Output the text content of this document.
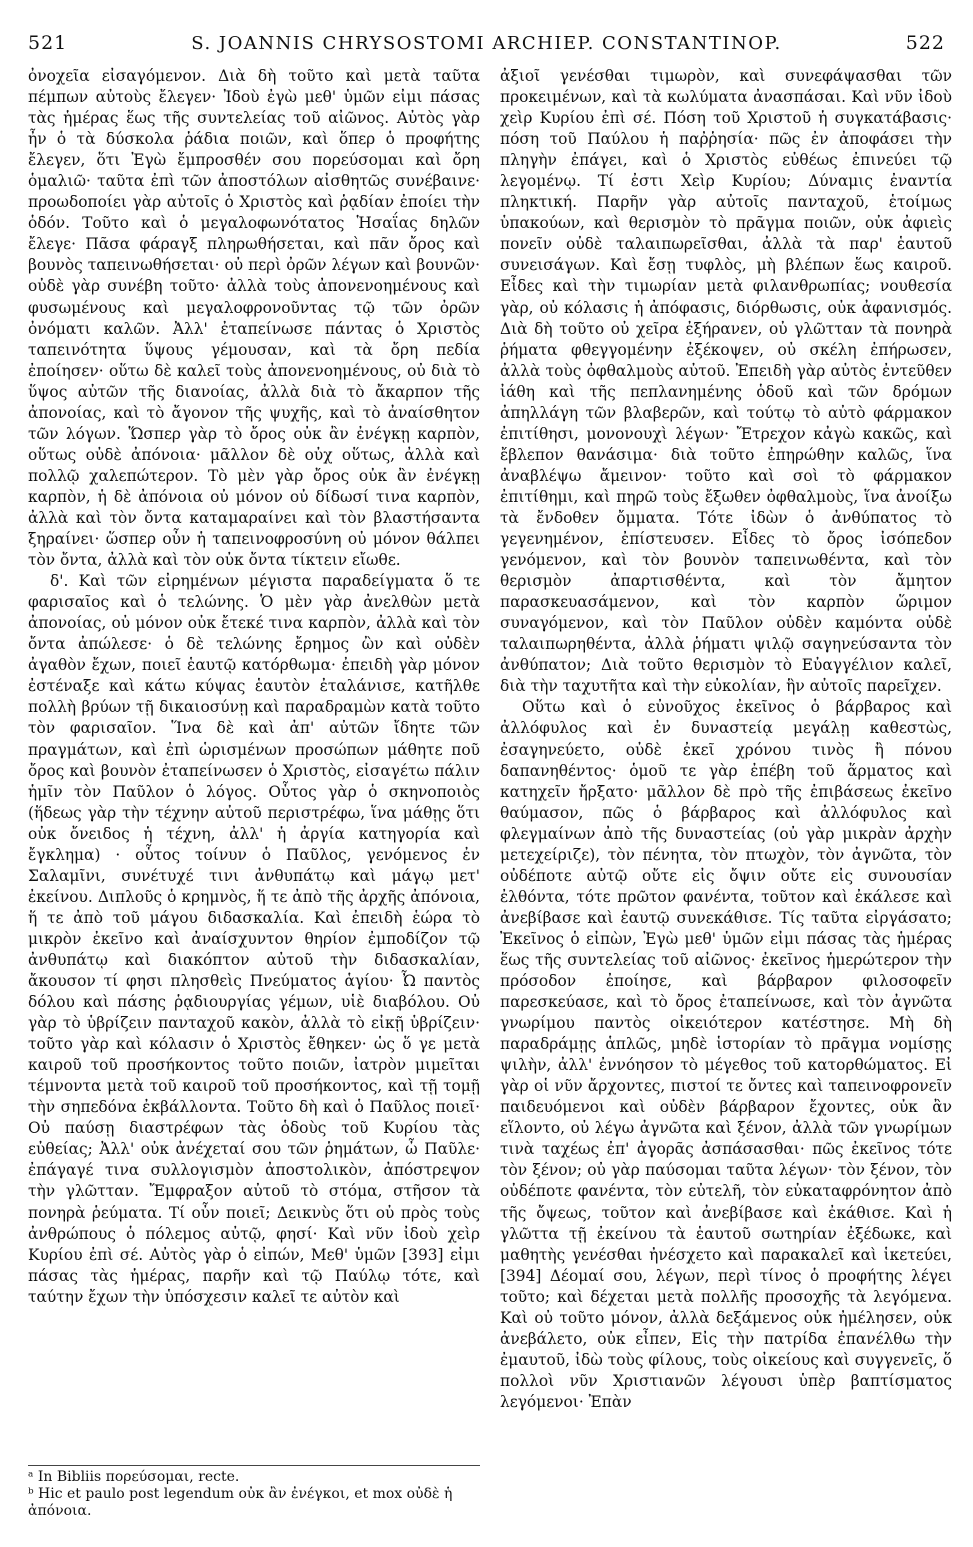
521	S. JOANNIS CHRYSOSTOMI ARCHIEP. CONSTANTINOP.	522

ὀνοχεῖα εἰσαγόμενον. Διὰ δὴ τοῦτο καὶ μετὰ ταῦτα πέμπων αὐτοὺς ἔλεγεν· Ἰδοὺ ἐγὼ μεθ' ὑμῶν εἰμι πάσας τὰς ἡμέρας ἕως τῆς συντελείας τοῦ αἰῶνος. Αὐτὸς γὰρ ἦν ὁ τὰ δύσκολα ῥάδια ποιῶν, καὶ ὅπερ ὁ προφήτης ἔλεγεν, ὅτι Ἐγὼ ἔμπροσθέν σου πορεύσομαι καὶ ὄρη ὁμαλιῶ· ταῦτα ἐπὶ τῶν ἀποστόλων αἰσθητῶς συνέβαινε· προωδοποίει γὰρ αὐτοῖς ὁ Χριστὸς καὶ ῥᾳδίαν ἐποίει τὴν ὁδόν. Τοῦτο καὶ ὁ μεγαλοφωνότατος Ἡσαΐας δηλῶν ἔλεγε· Πᾶσα φάραγξ πληρωθήσεται, καὶ πᾶν ὄρος καὶ βουνὸς ταπεινωθήσεται· οὐ περὶ ὀρῶν λέγων καὶ βουνῶν· οὐδὲ γὰρ συνέβη τοῦτο· ἀλλὰ τοὺς ἀπονενοημένους καὶ φυσωμένους καὶ μεγαλοφρονοῦντας τῷ τῶν ὀρῶν ὀνόματι καλῶν. Ἀλλ' ἐταπείνωσε πάντας ὁ Χριστὸς ταπεινότητα ὕψους γέμουσαν, καὶ τὰ ὄρη πεδία ἐποίησεν· οὕτω δὲ καλεῖ τοὺς ἀπονενοημένους, οὐ διὰ τὸ ὕψος αὐτῶν τῆς διανοίας, ἀλλὰ διὰ τὸ ἄκαρπον τῆς ἀπονοίας, καὶ τὸ ἄγονον τῆς ψυχῆς, καὶ τὸ ἀναίσθητον τῶν λόγων. Ὥσπερ γὰρ τὸ ὄρος οὐκ ἂν ἐνέγκῃ καρπὸν, οὕτως οὐδὲ ἀπόνοια· μᾶλλον δὲ οὐχ οὕτως, ἀλλὰ καὶ πολλῷ χαλεπώτερον. Τὸ μὲν γὰρ ὄρος οὐκ ἂν ἐνέγκῃ καρπὸν, ἡ δὲ ἀπόνοια οὐ μόνον οὐ δίδωσί τινα καρπὸν, ἀλλὰ καὶ τὸν ὄντα καταμαραίνει καὶ τὸν βλαστήσαντα ξηραίνει· ὥσπερ οὖν ἡ ταπεινοφροσύνη οὐ μόνον θάλπει τὸν ὄντα, ἀλλὰ καὶ τὸν οὐκ ὄντα τίκτειν εἴωθε.

δ'. Καὶ τῶν εἰρημένων μέγιστα παραδείγματα ὅ τε φαρισαῖος καὶ ὁ τελώνης. Ὁ μὲν γὰρ ἀνελθὼν μετὰ ἀπονοίας, οὐ μόνον οὐκ ἔτεκέ τινα καρπὸν, ἀλλὰ καὶ τὸν ὄντα ἀπώλεσε· ὁ δὲ τελώνης ἔρημος ὢν καὶ οὐδὲν ἀγαθὸν ἔχων, ποιεῖ ἑαυτῷ κατόρθωμα· ἐπειδὴ γὰρ μόνον ἐστέναξε καὶ κάτω κύψας ἑαυτὸν ἐταλάνισε, κατῆλθε πολλὴ βρύων τῇ δικαιοσύνῃ καὶ παραδραμὼν κατὰ τοῦτο τὸν φαρισαῖον. Ἵνα δὲ καὶ ἀπ' αὐτῶν ἴδητε τῶν πραγμάτων, καὶ ἐπὶ ὡρισμένων προσώπων μάθητε ποῦ ὄρος καὶ βουνὸν ἐταπείνωσεν ὁ Χριστὸς, εἰσαγέτω πάλιν ἡμῖν τὸν Παῦλον ὁ λόγος. Οὗτος γὰρ ὁ σκηνοποιὸς (ἥδεως γὰρ τὴν τέχνην αὐτοῦ περιστρέφω, ἵνα μάθῃς ὅτι οὐκ ὄνειδος ἡ τέχνη, ἀλλ' ἡ ἀργία κατηγορία καὶ ἔγκλημα) · οὗτος τοίνυν ὁ Παῦλος, γενόμενος ἐν Σαλαμῖνι, συνέτυχέ τινι ἀνθυπάτῳ καὶ μάγῳ μετ' ἐκείνου. Διπλοῦς ὁ κρημνὸς, ἥ τε ἀπὸ τῆς ἀρχῆς ἀπόνοια, ἥ τε ἀπὸ τοῦ μάγου διδασκαλία. Καὶ ἐπειδὴ ἑώρα τὸ μικρὸν ἐκεῖνο καὶ ἀναίσχυντον θηρίον ἐμποδίζον τῷ ἀνθυπάτῳ καὶ διακόπτον αὐτοῦ τὴν διδασκαλίαν, ἄκουσον τί φησι πλησθεὶς Πνεύματος ἁγίου· Ὦ παντὸς δόλου καὶ πάσης ῥᾳδιουργίας γέμων, υἱὲ διαβόλου. Οὐ γὰρ τὸ ὑβρίζειν πανταχοῦ κακὸν, ἀλλὰ τὸ εἰκῇ ὑβρίζειν· τοῦτο γὰρ καὶ κόλασιν ὁ Χριστὸς ἔθηκεν· ὡς ὅ γε μετὰ καιροῦ τοῦ προσήκοντος τοῦτο ποιῶν, ἰατρὸν μιμεῖται τέμνοντα μετὰ τοῦ καιροῦ τοῦ προσήκοντος, καὶ τῇ τομῇ τὴν σηπεδόνα ἐκβάλλοντα. Τοῦτο δὴ καὶ ὁ Παῦλος ποιεῖ· Οὐ παύσῃ διαστρέφων τὰς ὁδοὺς τοῦ Κυρίου τὰς εὐθείας; Ἀλλ' οὐκ ἀνέχεταί σου τῶν ῥημάτων, ὦ Παῦλε· ἐπάγαγέ τινα συλλογισμὸν ἀποστολικὸν, ἀπόστρεψον τὴν γλῶτταν. Ἔμφραξον αὐτοῦ τὸ στόμα, στῆσον τὰ πονηρὰ ῥεύματα. Τί οὖν ποιεῖ; Δεικνὺς ὅτι οὐ πρὸς τοὺς ἀνθρώπους ὁ πόλεμος αὐτῷ, φησί· Καὶ νῦν ἰδοὺ χεὶρ Κυρίου ἐπὶ σέ. Αὐτὸς γὰρ ὁ εἰπών, Μεθ' ὑμῶν [393] εἰμι πάσας τὰς ἡμέρας, παρῆν καὶ τῷ Παύλῳ τότε, καὶ ταύτην ἔχων τὴν ὑπόσχεσιν καλεῖ τε αὐτὸν καὶ

ἀξιοῖ γενέσθαι τιμωρὸν, καὶ συνεφάψασθαι τῶν προκειμένων, καὶ τὰ κωλύματα ἀνασπάσαι. Καὶ νῦν ἰδοὺ χεὶρ Κυρίου ἐπὶ σέ. Πόση τοῦ Χριστοῦ ἡ συγκατάβασις· πόση τοῦ Παύλου ἡ παῤῥησία· πῶς ἐν ἀποφάσει τὴν πληγὴν ἐπάγει, καὶ ὁ Χριστὸς εὐθέως ἐπινεύει τῷ λεγομένῳ. Τί ἐστι Χεὶρ Κυρίου; Δύναμις ἐναντία πληκτική. Παρῆν γὰρ αὐτοῖς πανταχοῦ, ἑτοίμως ὑπακούων, καὶ θερισμὸν τὸ πρᾶγμα ποιῶν, οὐκ ἀφιεὶς πονεῖν οὐδὲ ταλαιπωρεῖσθαι, ἀλλὰ τὰ παρ' ἑαυτοῦ συνεισάγων. Καὶ ἔσῃ τυφλὸς, μὴ βλέπων ἕως καιροῦ. Εἶδες καὶ τὴν τιμωρίαν μετὰ φιλανθρωπίας; νουθεσία γὰρ, οὐ κόλασις ἡ ἀπόφασις, διόρθωσις, οὐκ ἀφανισμός. Διὰ δὴ τοῦτο οὐ χεῖρα ἐξήρανεν, οὐ γλῶτταν τὰ πονηρὰ ῥήματα φθεγγομένην ἐξέκοψεν, οὐ σκέλη ἐπήρωσεν, ἀλλὰ τοὺς ὀφθαλμοὺς αὐτοῦ. Ἐπειδὴ γὰρ αὐτὸς ἐντεῦθεν ἰάθη καὶ τῆς πεπλανημένης ὁδοῦ καὶ τῶν δρόμων ἀπηλλάγη τῶν βλαβερῶν, καὶ τούτῳ τὸ αὐτὸ φάρμακον ἐπιτίθησι, μονονουχὶ λέγων· Ἔτρεχον κἀγὼ κακῶς, καὶ ἔβλεπον θανάσιμα· διὰ τοῦτο ἐπηρώθην καλῶς, ἵνα ἀναβλέψω ἄμεινον· τοῦτο καὶ σοὶ τὸ φάρμακον ἐπιτίθημι, καὶ πηρῶ τοὺς ἔξωθεν ὀφθαλμοὺς, ἵνα ἀνοίξω τὰ ἔνδοθεν ὄμματα. Τότε ἰδὼν ὁ ἀνθύπατος τὸ γεγενημένον, ἐπίστευσεν. Εἶδες τὸ ὄρος ἰσόπεδον γενόμενον, καὶ τὸν βουνὸν ταπεινωθέντα, καὶ τὸν θερισμὸν ἀπαρτισθέντα, καὶ τὸν ἄμητον παρασκευασάμενον, καὶ τὸν καρπὸν ὥριμον συναγόμενον, καὶ τὸν Παῦλον οὐδὲν καμόντα οὐδὲ ταλαιπωρηθέντα, ἀλλὰ ῥήματι ψιλῷ σαγηνεύσαντα τὸν ἀνθύπατον; Διὰ τοῦτο θερισμὸν τὸ Εὐαγγέλιον καλεῖ, διὰ τὴν ταχυτῆτα καὶ τὴν εὐκολίαν, ἣν αὐτοῖς παρεῖχεν.

Οὕτω καὶ ὁ εὐνοῦχος ἐκεῖνος ὁ βάρβαρος καὶ ἀλλόφυλος καὶ ἐν δυναστείᾳ μεγάλῃ καθεστὼς, ἐσαγηνεύετο, οὐδὲ ἐκεῖ χρόνου τινὸς ἢ πόνου δαπανηθέντος· ὁμοῦ τε γὰρ ἐπέβη τοῦ ἅρματος καὶ κατηχεῖν ἤρξατο· μᾶλλον δὲ πρὸ τῆς ἐπιβάσεως ἐκεῖνο θαύμασον, πῶς ὁ βάρβαρος καὶ ἀλλόφυλος καὶ φλεγμαίνων ἀπὸ τῆς δυναστείας (οὐ γὰρ μικρὰν ἀρχὴν μετεχείριζε), τὸν πένητα, τὸν πτωχὸν, τὸν ἀγνῶτα, τὸν οὐδέποτε αὐτῷ οὔτε εἰς ὄψιν οὔτε εἰς συνουσίαν ἐλθόντα, τότε πρῶτον φανέντα, τοῦτον καὶ ἐκάλεσε καὶ ἀνεβίβασε καὶ ἑαυτῷ συνεκάθισε. Τίς ταῦτα εἰργάσατο; Ἐκεῖνος ὁ εἰπὼν, Ἐγὼ μεθ' ὑμῶν εἰμι πάσας τὰς ἡμέρας ἕως τῆς συντελείας τοῦ αἰῶνος· ἐκεῖνος ἡμερώτερον τὴν πρόσοδον ἐποίησε, καὶ βάρβαρον φιλοσοφεῖν παρεσκεύασε, καὶ τὸ ὄρος ἐταπείνωσε, καὶ τὸν ἀγνῶτα γνωρίμου παντὸς οἰκειότερον κατέστησε. Μὴ δὴ παραδράμῃς ἁπλῶς, μηδὲ ἱστορίαν τὸ πρᾶγμα νομίσῃς ψιλὴν, ἀλλ' ἐννόησον τὸ μέγεθος τοῦ κατορθώματος. Εἰ γὰρ οἱ νῦν ἄρχοντες, πιστοί τε ὄντες καὶ ταπεινοφρονεῖν παιδευόμενοι καὶ οὐδὲν βάρβαρον ἔχοντες, οὐκ ἂν εἵλοντο, οὐ λέγω ἀγνῶτα καὶ ξένον, ἀλλὰ τῶν γνωρίμων τινὰ ταχέως ἐπ' ἀγορᾶς ἀσπάσασθαι· πῶς ἐκεῖνος τότε τὸν ξένον; οὐ γὰρ παύσομαι ταῦτα λέγων· τὸν ξένον, τὸν οὐδέποτε φανέντα, τὸν εὐτελῆ, τὸν εὐκαταφρόνητον ἀπὸ τῆς ὄψεως, τοῦτον καὶ ἀνεβίβασε καὶ ἐκάθισε. Καὶ ἡ γλῶττα τῇ ἐκείνου τὰ ἑαυτοῦ σωτηρίαν ἐξέδωκε, καὶ μαθητὴς γενέσθαι ἠνέσχετο καὶ παρακαλεῖ καὶ ἱκετεύει, [394] Δέομαί σου, λέγων, περὶ τίνος ὁ προφήτης λέγει τοῦτο; καὶ δέχεται μετὰ πολλῆς προσοχῆς τὰ λεγόμενα. Καὶ οὐ τοῦτο μόνον, ἀλλὰ δεξάμενος οὐκ ἠμέλησεν, οὐκ ἀνεβάλετο, οὐκ εἶπεν, Εἰς τὴν πατρίδα ἐπανέλθω τὴν ἐμαυτοῦ, ἰδὼ τοὺς φίλους, τοὺς οἰκείους καὶ συγγενεῖς, ὅ πολλοὶ νῦν Χριστιανῶν λέγουσι ὑπὲρ βαπτίσματος λεγόμενοι· Ἐπὰν

ᵃ In Bibliis πορεύσομαι, recte.
ᵇ Hic et paulo post legendum οὐκ ἂν ἐνέγκοι, et mox οὐδὲ ἡ ἀπόνοια.
